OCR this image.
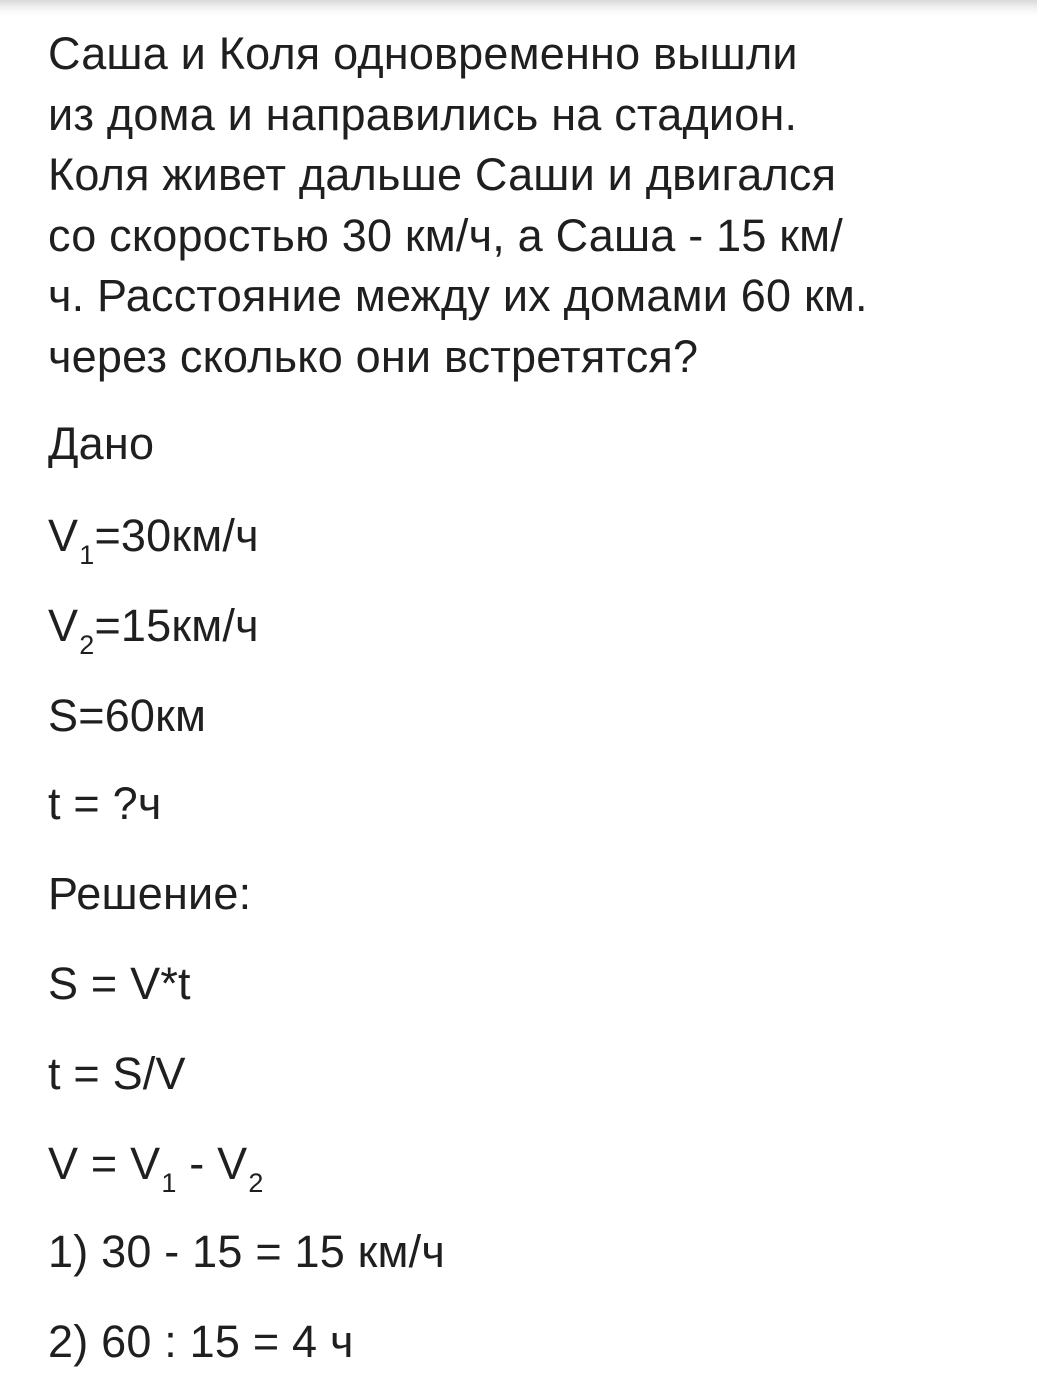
Саша и Коля одновременно вышли
из дома и направились на стадион.
Коля живет дальше Саши и двигался
со скоростью 30 км/ч, а Саша - 15 км/
ч. Расстояние между их домами 60 км.
через сколько они встретятся?
Дано
$V_1=30км/ч$
$V_2=15км/ч$
S=60км
t = ?ч
Решение:
S = V*t
t = S/V
$V = V_1 - V_2$
1) 30 - 15 = 15 км/ч
2) 60 : 15 = 4 ч
